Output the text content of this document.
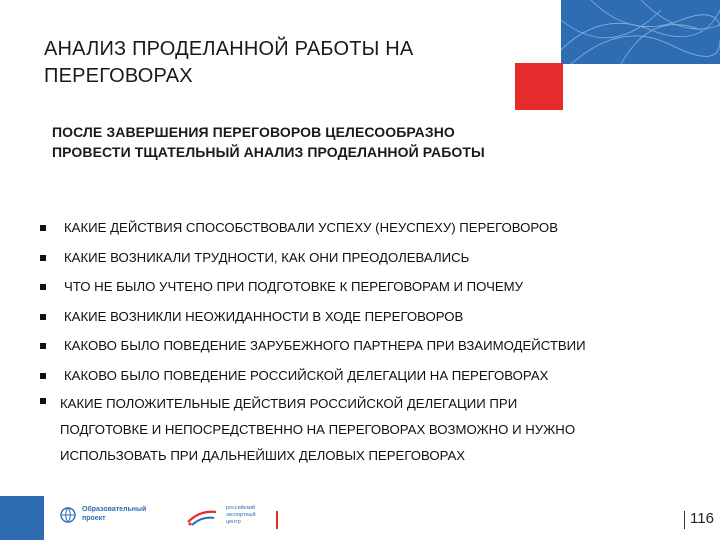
АНАЛИЗ ПРОДЕЛАННОЙ РАБОТЫ НА
ПЕРЕГОВОРАХ
ПОСЛЕ ЗАВЕРШЕНИЯ ПЕРЕГОВОРОВ ЦЕЛЕСООБРАЗНО
ПРОВЕСТИ ТЩАТЕЛЬНЫЙ АНАЛИЗ ПРОДЕЛАННОЙ РАБОТЫ
КАКИЕ ДЕЙСТВИЯ СПОСОБСТВОВАЛИ УСПЕХУ (НЕУСПЕХУ) ПЕРЕГОВОРОВ
КАКИЕ ВОЗНИКАЛИ ТРУДНОСТИ, КАК ОНИ ПРЕОДОЛЕВАЛИСЬ
ЧТО НЕ БЫЛО УЧТЕНО ПРИ ПОДГОТОВКЕ К ПЕРЕГОВОРАМ И ПОЧЕМУ
КАКИЕ ВОЗНИКЛИ НЕОЖИДАННОСТИ В ХОДЕ ПЕРЕГОВОРОВ
КАКОВО БЫЛО ПОВЕДЕНИЕ ЗАРУБЕЖНОГО ПАРТНЕРА ПРИ ВЗАИМОДЕЙСТВИИ
КАКОВО БЫЛО ПОВЕДЕНИЕ РОССИЙСКОЙ ДЕЛЕГАЦИИ НА ПЕРЕГОВОРАХ
КАКИЕ ПОЛОЖИТЕЛЬНЫЕ ДЕЙСТВИЯ РОССИЙСКОЙ ДЕЛЕГАЦИИ ПРИ
ПОДГОТОВКЕ И НЕПОСРЕДСТВЕННО НА ПЕРЕГОВОРАХ ВОЗМОЖНО И НУЖНО
ИСПОЛЬЗОВАТЬ ПРИ ДАЛЬНЕЙШИХ ДЕЛОВЫХ ПЕРЕГОВОРАХ
Образовательный
проект
российский
экспортный
центр	116
